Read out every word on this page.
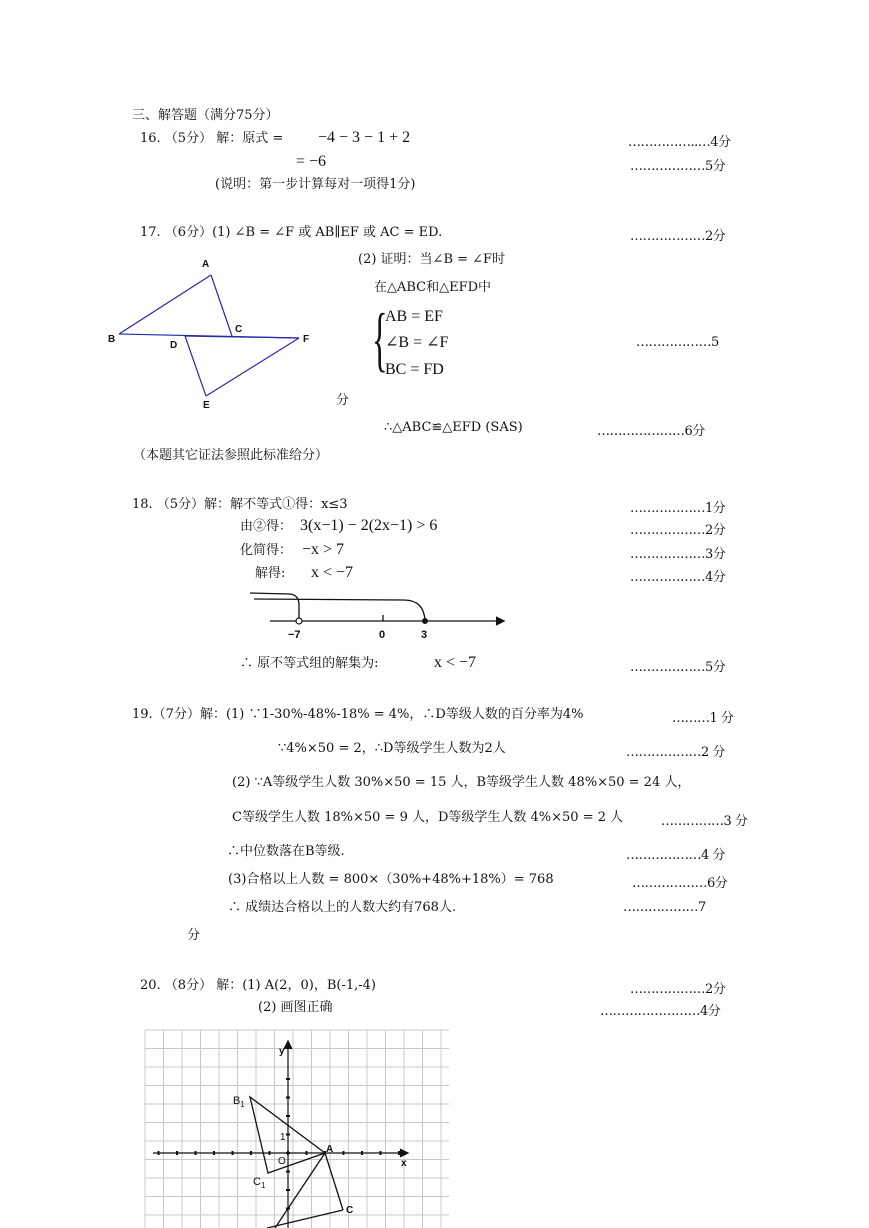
三、解答题（满分75分）
16. （5分） 解：原式 = −4 − 3 − 1 + 2	……………..…4分
= −6	………………5分
(说明：第一步计算每对一项得1分)
17. （6分）(1) ∠B = ∠F 或 AB∥EF 或 AC = ED.	………………2分
A
B
C
D
E
F
(2) 证明：当∠B = ∠F时
在△ABC和△EFD中
{
AB = EF
∠B = ∠F
BC = FD
………………5
分
∴△ABC≌△EFD (SAS)	…………………6分
（本题其它证法参照此标准给分）
18. （5分）解：解不等式①得：x≤3	………………1分
由②得： 3(x−1) − 2(2x−1) > 6	………………2分
化简得： −x > 7	………………3分
解得: x < −7	………………4分
−7	0	3
∴ 原不等式组的解集为:	x < −7	………………5分
19.（7分）解：(1) ∵1-30%-48%-18% = 4%，∴D等级人数的百分率为4%	………1 分
∵4%×50 = 2，∴D等级学生人数为2人	………………2 分
(2) ∵A等级学生人数 30%×50 = 15 人，B等级学生人数 48%×50 = 24 人，
C等级学生人数 18%×50 = 9 人，D等级学生人数 4%×50 = 2 人	……………3 分
∴中位数落在B等级.	………………4 分
(3)合格以上人数 = 800×（30%+48%+18%）= 768	………………6分
∴ 成绩达合格以上的人数大约有768人.	………………7
分
20. （8分） 解：(1) A(2，0)，B(-1,-4)	………………2分
(2) 画图正确	……………………4分
y
x
1
O
A
C
$B_1$
$C_1$
